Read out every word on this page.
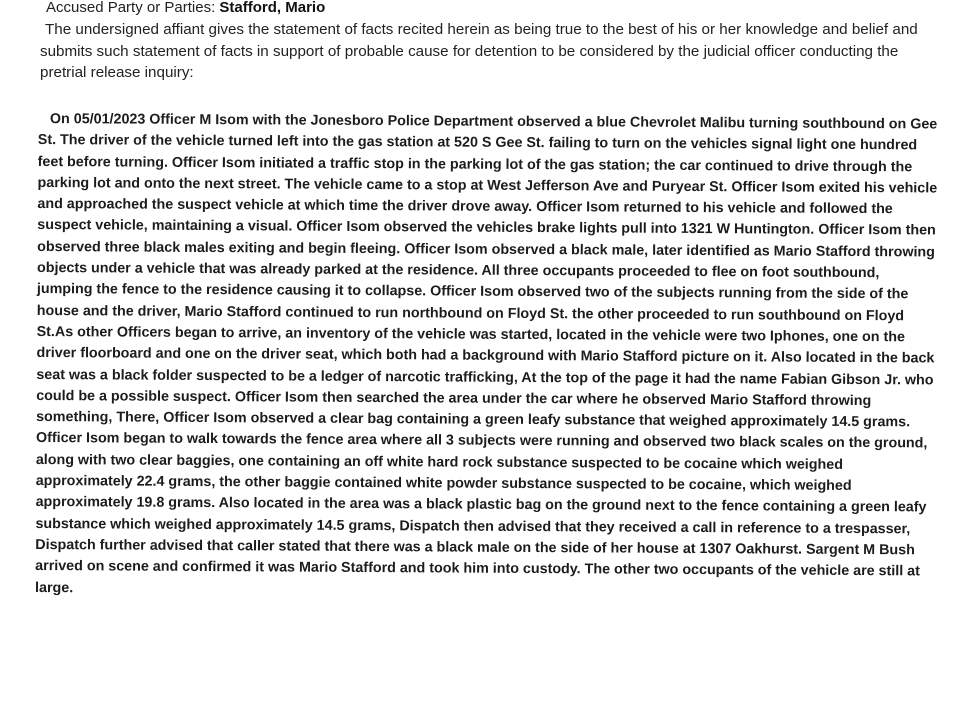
Accused Party or Parties: Stafford, Mario
The undersigned affiant gives the statement of facts recited herein as being true to the best of his or her knowledge and belief and submits such statement of facts in support of probable cause for detention to be considered by the judicial officer conducting the pretrial release inquiry:

On 05/01/2023 Officer M Isom with the Jonesboro Police Department observed a blue Chevrolet Malibu turning southbound on Gee St. The driver of the vehicle turned left into the gas station at 520 S Gee St. failing to turn on the vehicles signal light one hundred feet before turning. Officer Isom initiated a traffic stop in the parking lot of the gas station; the car continued to drive through the parking lot and onto the next street. The vehicle came to a stop at West Jefferson Ave and Puryear St. Officer Isom exited his vehicle and approached the suspect vehicle at which time the driver drove away. Officer Isom returned to his vehicle and followed the suspect vehicle, maintaining a visual. Officer Isom observed the vehicles brake lights pull into 1321 W Huntington. Officer Isom then observed three black males exiting and begin fleeing. Officer Isom observed a black male, later identified as Mario Stafford throwing objects under a vehicle that was already parked at the residence. All three occupants proceeded to flee on foot southbound, jumping the fence to the residence causing it to collapse. Officer Isom observed two of the subjects running from the side of the house and the driver, Mario Stafford continued to run northbound on Floyd St. the other proceeded to run southbound on Floyd St.As other Officers began to arrive, an inventory of the vehicle was started, located in the vehicle were two Iphones, one on the driver floorboard and one on the driver seat, which both had a background with Mario Stafford picture on it. Also located in the back seat was a black folder suspected to be a ledger of narcotic trafficking, At the top of the page it had the name Fabian Gibson Jr. who could be a possible suspect. Officer Isom then searched the area under the car where he observed Mario Stafford throwing something, There, Officer Isom observed a clear bag containing a green leafy substance that weighed approximately 14.5 grams. Officer Isom began to walk towards the fence area where all 3 subjects were running and observed two black scales on the ground, along with two clear baggies, one containing an off white hard rock substance suspected to be cocaine which weighed approximately 22.4 grams, the other baggie contained white powder substance suspected to be cocaine, which weighed approximately 19.8 grams. Also located in the area was a black plastic bag on the ground next to the fence containing a green leafy substance which weighed approximately 14.5 grams, Dispatch then advised that they received a call in reference to a trespasser, Dispatch further advised that caller stated that there was a black male on the side of her house at 1307 Oakhurst. Sargent M Bush arrived on scene and confirmed it was Mario Stafford and took him into custody. The other two occupants of the vehicle are still at large.
